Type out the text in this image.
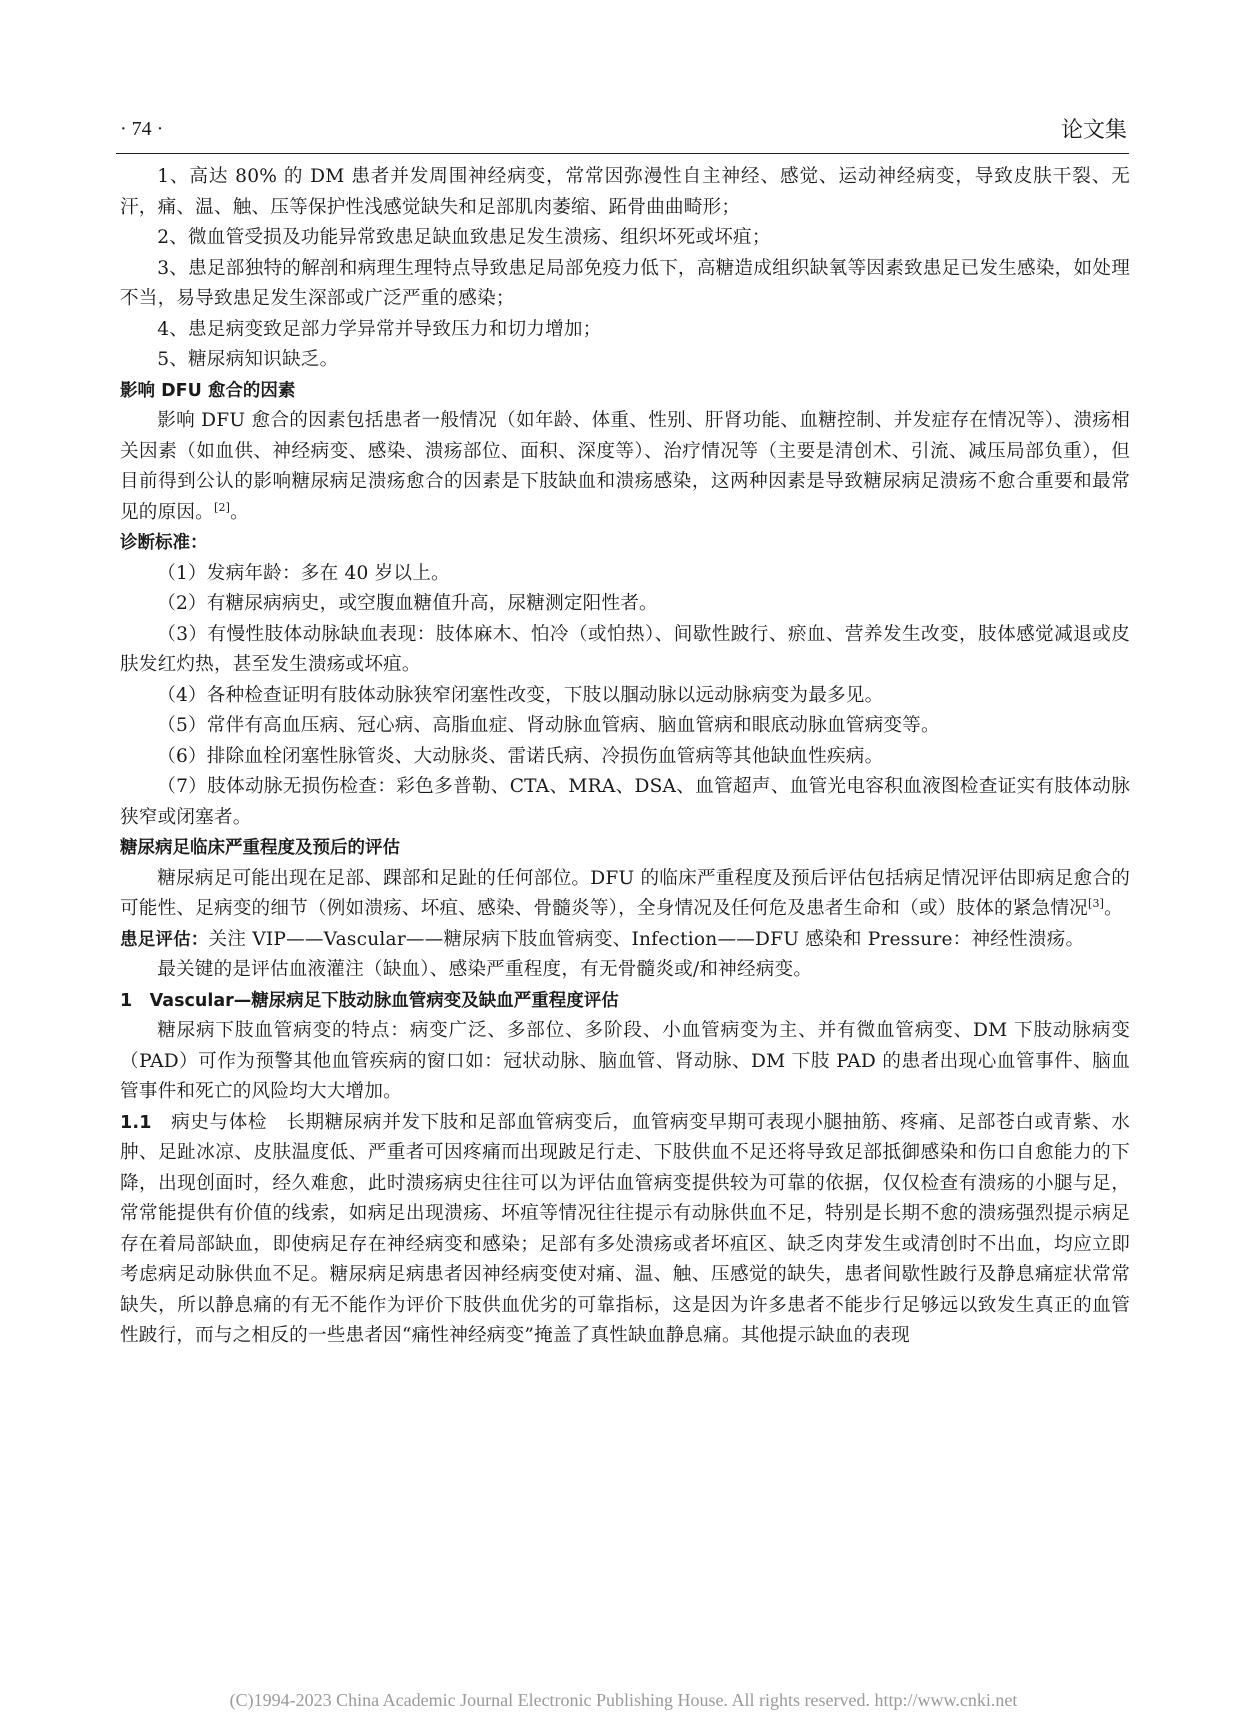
· 74 ·	论文集

1、高达 80% 的 DM 患者并发周围神经病变，常常因弥漫性自主神经、感觉、运动神经病变，导致皮肤干裂、无汗，痛、温、触、压等保护性浅感觉缺失和足部肌肉萎缩、跖骨曲曲畸形；

2、微血管受损及功能异常致患足缺血致患足发生溃疡、组织坏死或坏疽；

3、患足部独特的解剖和病理生理特点导致患足局部免疫力低下，高糖造成组织缺氧等因素致患足已发生感染，如处理不当，易导致患足发生深部或广泛严重的感染；

4、患足病变致足部力学异常并导致压力和切力增加；

5、糖尿病知识缺乏。

影响 DFU 愈合的因素

影响 DFU 愈合的因素包括患者一般情况（如年龄、体重、性别、肝肾功能、血糖控制、并发症存在情况等）、溃疡相关因素（如血供、神经病变、感染、溃疡部位、面积、深度等）、治疗情况等（主要是清创术、引流、减压局部负重），但目前得到公认的影响糖尿病足溃疡愈合的因素是下肢缺血和溃疡感染，这两种因素是导致糖尿病足溃疡不愈合重要和最常见的原因。[2]。

诊断标准：

（1）发病年龄：多在 40 岁以上。

（2）有糖尿病病史，或空腹血糖值升高，尿糖测定阳性者。

（3）有慢性肢体动脉缺血表现：肢体麻木、怕冷（或怕热）、间歇性跛行、瘀血、营养发生改变，肢体感觉减退或皮肤发红灼热，甚至发生溃疡或坏疽。

（4）各种检查证明有肢体动脉狭窄闭塞性改变，下肢以腘动脉以远动脉病变为最多见。

（5）常伴有高血压病、冠心病、高脂血症、肾动脉血管病、脑血管病和眼底动脉血管病变等。

（6）排除血栓闭塞性脉管炎、大动脉炎、雷诺氏病、冷损伤血管病等其他缺血性疾病。

（7）肢体动脉无损伤检查：彩色多普勒、CTA、MRA、DSA、血管超声、血管光电容积血液图检查证实有肢体动脉狭窄或闭塞者。

糖尿病足临床严重程度及预后的评估

糖尿病足可能出现在足部、踝部和足趾的任何部位。DFU 的临床严重程度及预后评估包括病足情况评估即病足愈合的可能性、足病变的细节（例如溃疡、坏疽、感染、骨髓炎等），全身情况及任何危及患者生命和（或）肢体的紧急情况[3]。

患足评估：关注 VIP——Vascular——糖尿病下肢血管病变、Infection——DFU 感染和 Pressure：神经性溃疡。

最关键的是评估血液灌注（缺血）、感染严重程度，有无骨髓炎或/和神经病变。

1　Vascular—糖尿病足下肢动脉血管病变及缺血严重程度评估

糖尿病下肢血管病变的特点：病变广泛、多部位、多阶段、小血管病变为主、并有微血管病变、DM 下肢动脉病变（PAD）可作为预警其他血管疾病的窗口如：冠状动脉、脑血管、肾动脉、DM 下肢 PAD 的患者出现心血管事件、脑血管事件和死亡的风险均大大增加。

1.1　病史与体检　长期糖尿病并发下肢和足部血管病变后，血管病变早期可表现小腿抽筋、疼痛、足部苍白或青紫、水肿、足趾冰凉、皮肤温度低、严重者可因疼痛而出现跛足行走、下肢供血不足还将导致足部抵御感染和伤口自愈能力的下降，出现创面时，经久难愈，此时溃疡病史往往可以为评估血管病变提供较为可靠的依据，仅仅检查有溃疡的小腿与足，常常能提供有价值的线索，如病足出现溃疡、坏疽等情况往往提示有动脉供血不足，特别是长期不愈的溃疡强烈提示病足存在着局部缺血，即使病足存在神经病变和感染；足部有多处溃疡或者坏疽区、缺乏肉芽发生或清创时不出血，均应立即考虑病足动脉供血不足。糖尿病足病患者因神经病变使对痛、温、触、压感觉的缺失，患者间歇性跛行及静息痛症状常常缺失，所以静息痛的有无不能作为评价下肢供血优劣的可靠指标，这是因为许多患者不能步行足够远以致发生真正的血管性跛行，而与之相反的一些患者因“痛性神经病变”掩盖了真性缺血静息痛。其他提示缺血的表现

(C)1994-2023 China Academic Journal Electronic Publishing House. All rights reserved. http://www.cnki.net
